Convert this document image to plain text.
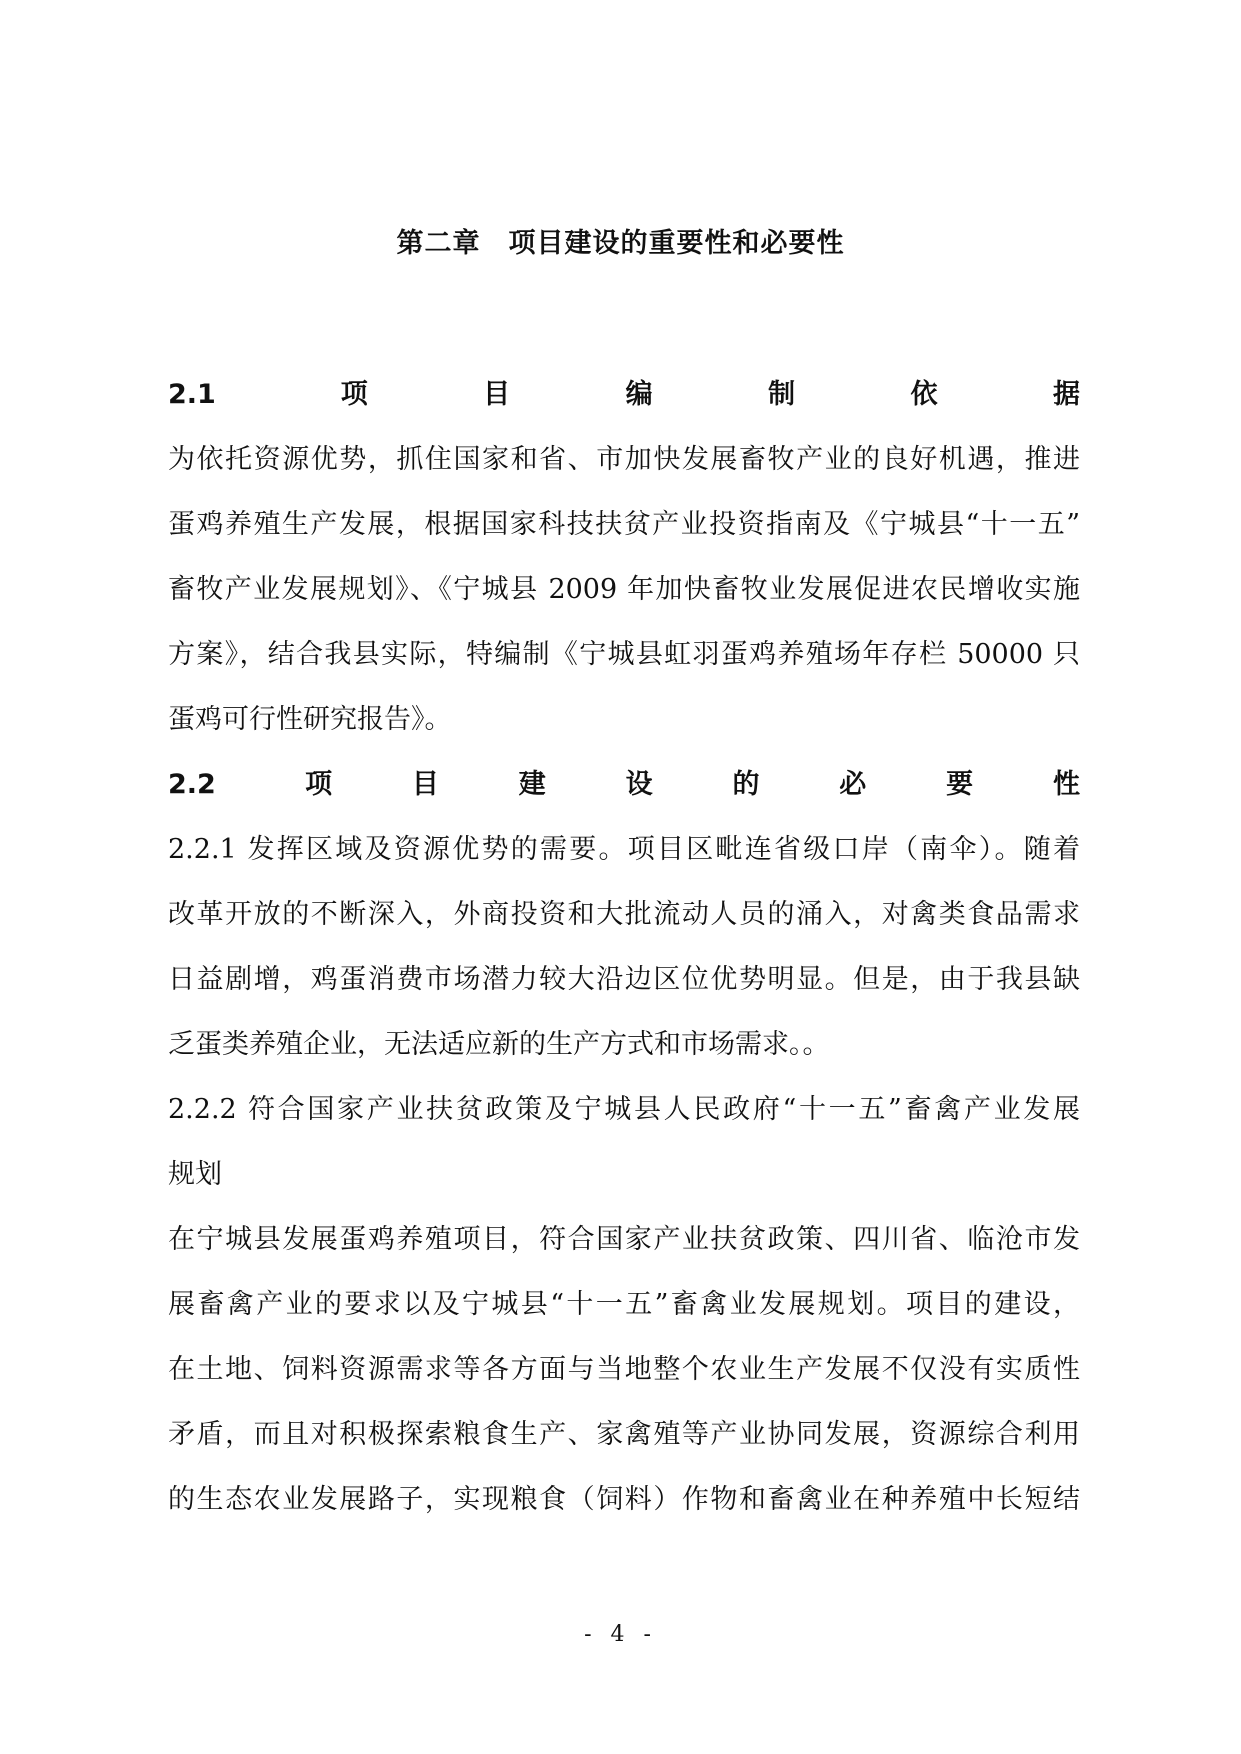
第二章　项目建设的重要性和必要性
2.1 项目编制依据
为依托资源优势，抓住国家和省、市加快发展畜牧产业的良好机遇，推进
蛋鸡养殖生产发展，根据国家科技扶贫产业投资指南及《宁城县“十一五”
畜牧产业发展规划》、《宁城县 2009 年加快畜牧业发展促进农民增收实施
方案》，结合我县实际，特编制《宁城县虹羽蛋鸡养殖场年存栏 50000 只
蛋鸡可行性研究报告》。
2.2 项目建设的必要性
2.2.1 发挥区域及资源优势的需要。项目区毗连省级口岸（南伞）。随着
改革开放的不断深入，外商投资和大批流动人员的涌入，对禽类食品需求
日益剧增，鸡蛋消费市场潜力较大沿边区位优势明显。但是，由于我县缺
乏蛋类养殖企业，无法适应新的生产方式和市场需求。。
2.2.2 符合国家产业扶贫政策及宁城县人民政府“十一五”畜禽产业发展
规划
在宁城县发展蛋鸡养殖项目，符合国家产业扶贫政策、四川省、临沧市发
展畜禽产业的要求以及宁城县“十一五”畜禽业发展规划。项目的建设，
在土地、饲料资源需求等各方面与当地整个农业生产发展不仅没有实质性
矛盾，而且对积极探索粮食生产、家禽殖等产业协同发展，资源综合利用
的生态农业发展路子，实现粮食（饲料）作物和畜禽业在种养殖中长短结
- 4 -
